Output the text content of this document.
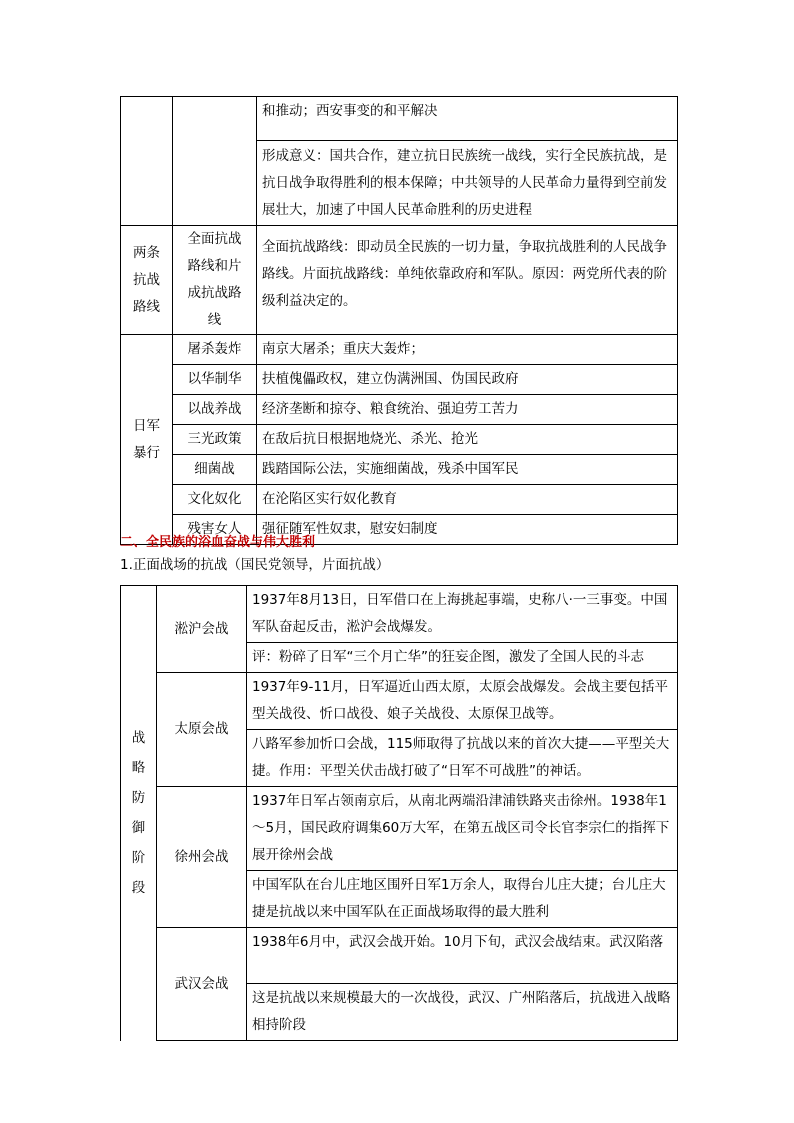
		和推动；西安事变的和平解决
		形成意义：国共合作，建立抗日民族统一战线，实行全民族抗战，是抗日战争取得胜利的根本保障；中共领导的人民革命力量得到空前发展壮大，加速了中国人民革命胜利的历史进程
两条抗战路线	全面抗战路线和片成抗战路线	全面抗战路线：即动员全民族的一切力量，争取抗战胜利的人民战争路线。片面抗战路线：单纯依靠政府和军队。原因：两党所代表的阶级利益决定的。
日军暴行	屠杀轰炸	南京大屠杀；重庆大轰炸；
	以华制华	扶植傀儡政权，建立伪满洲国、伪国民政府
	以战养战	经济垄断和掠夺、粮食统治、强迫劳工苦力
	三光政策	在敌后抗日根据地烧光、杀光、抢光
	细菌战	践踏国际公法，实施细菌战，残杀中国军民
	文化奴化	在沦陷区实行奴化教育
	残害女人	强征随军性奴隶，慰安妇制度
二、全民族的浴血奋战与伟大胜利
1.正面战场的抗战（国民党领导，片面抗战）
战略防御阶段	淞沪会战	1937年8月13日，日军借口在上海挑起事端，史称八·一三事变。中国军队奋起反击，淞沪会战爆发。
		评：粉碎了日军“三个月亡华”的狂妄企图，激发了全国人民的斗志
	太原会战	1937年9-11月，日军逼近山西太原，太原会战爆发。会战主要包括平型关战役、忻口战役、娘子关战役、太原保卫战等。
		八路军参加忻口会战，115师取得了抗战以来的首次大捷——平型关大捷。作用：平型关伏击战打破了“日军不可战胜”的神话。
	徐州会战	1937年日军占领南京后，从南北两端沿津浦铁路夹击徐州。1938年1～5月，国民政府调集60万大军，在第五战区司令长官李宗仁的指挥下展开徐州会战
		中国军队在台儿庄地区围歼日军1万余人，取得台儿庄大捷；台儿庄大捷是抗战以来中国军队在正面战场取得的最大胜利
	武汉会战	1938年6月中，武汉会战开始。10月下旬，武汉会战结束。武汉陷落
		这是抗战以来规模最大的一次战役，武汉、广州陷落后，抗战进入战略相持阶段
